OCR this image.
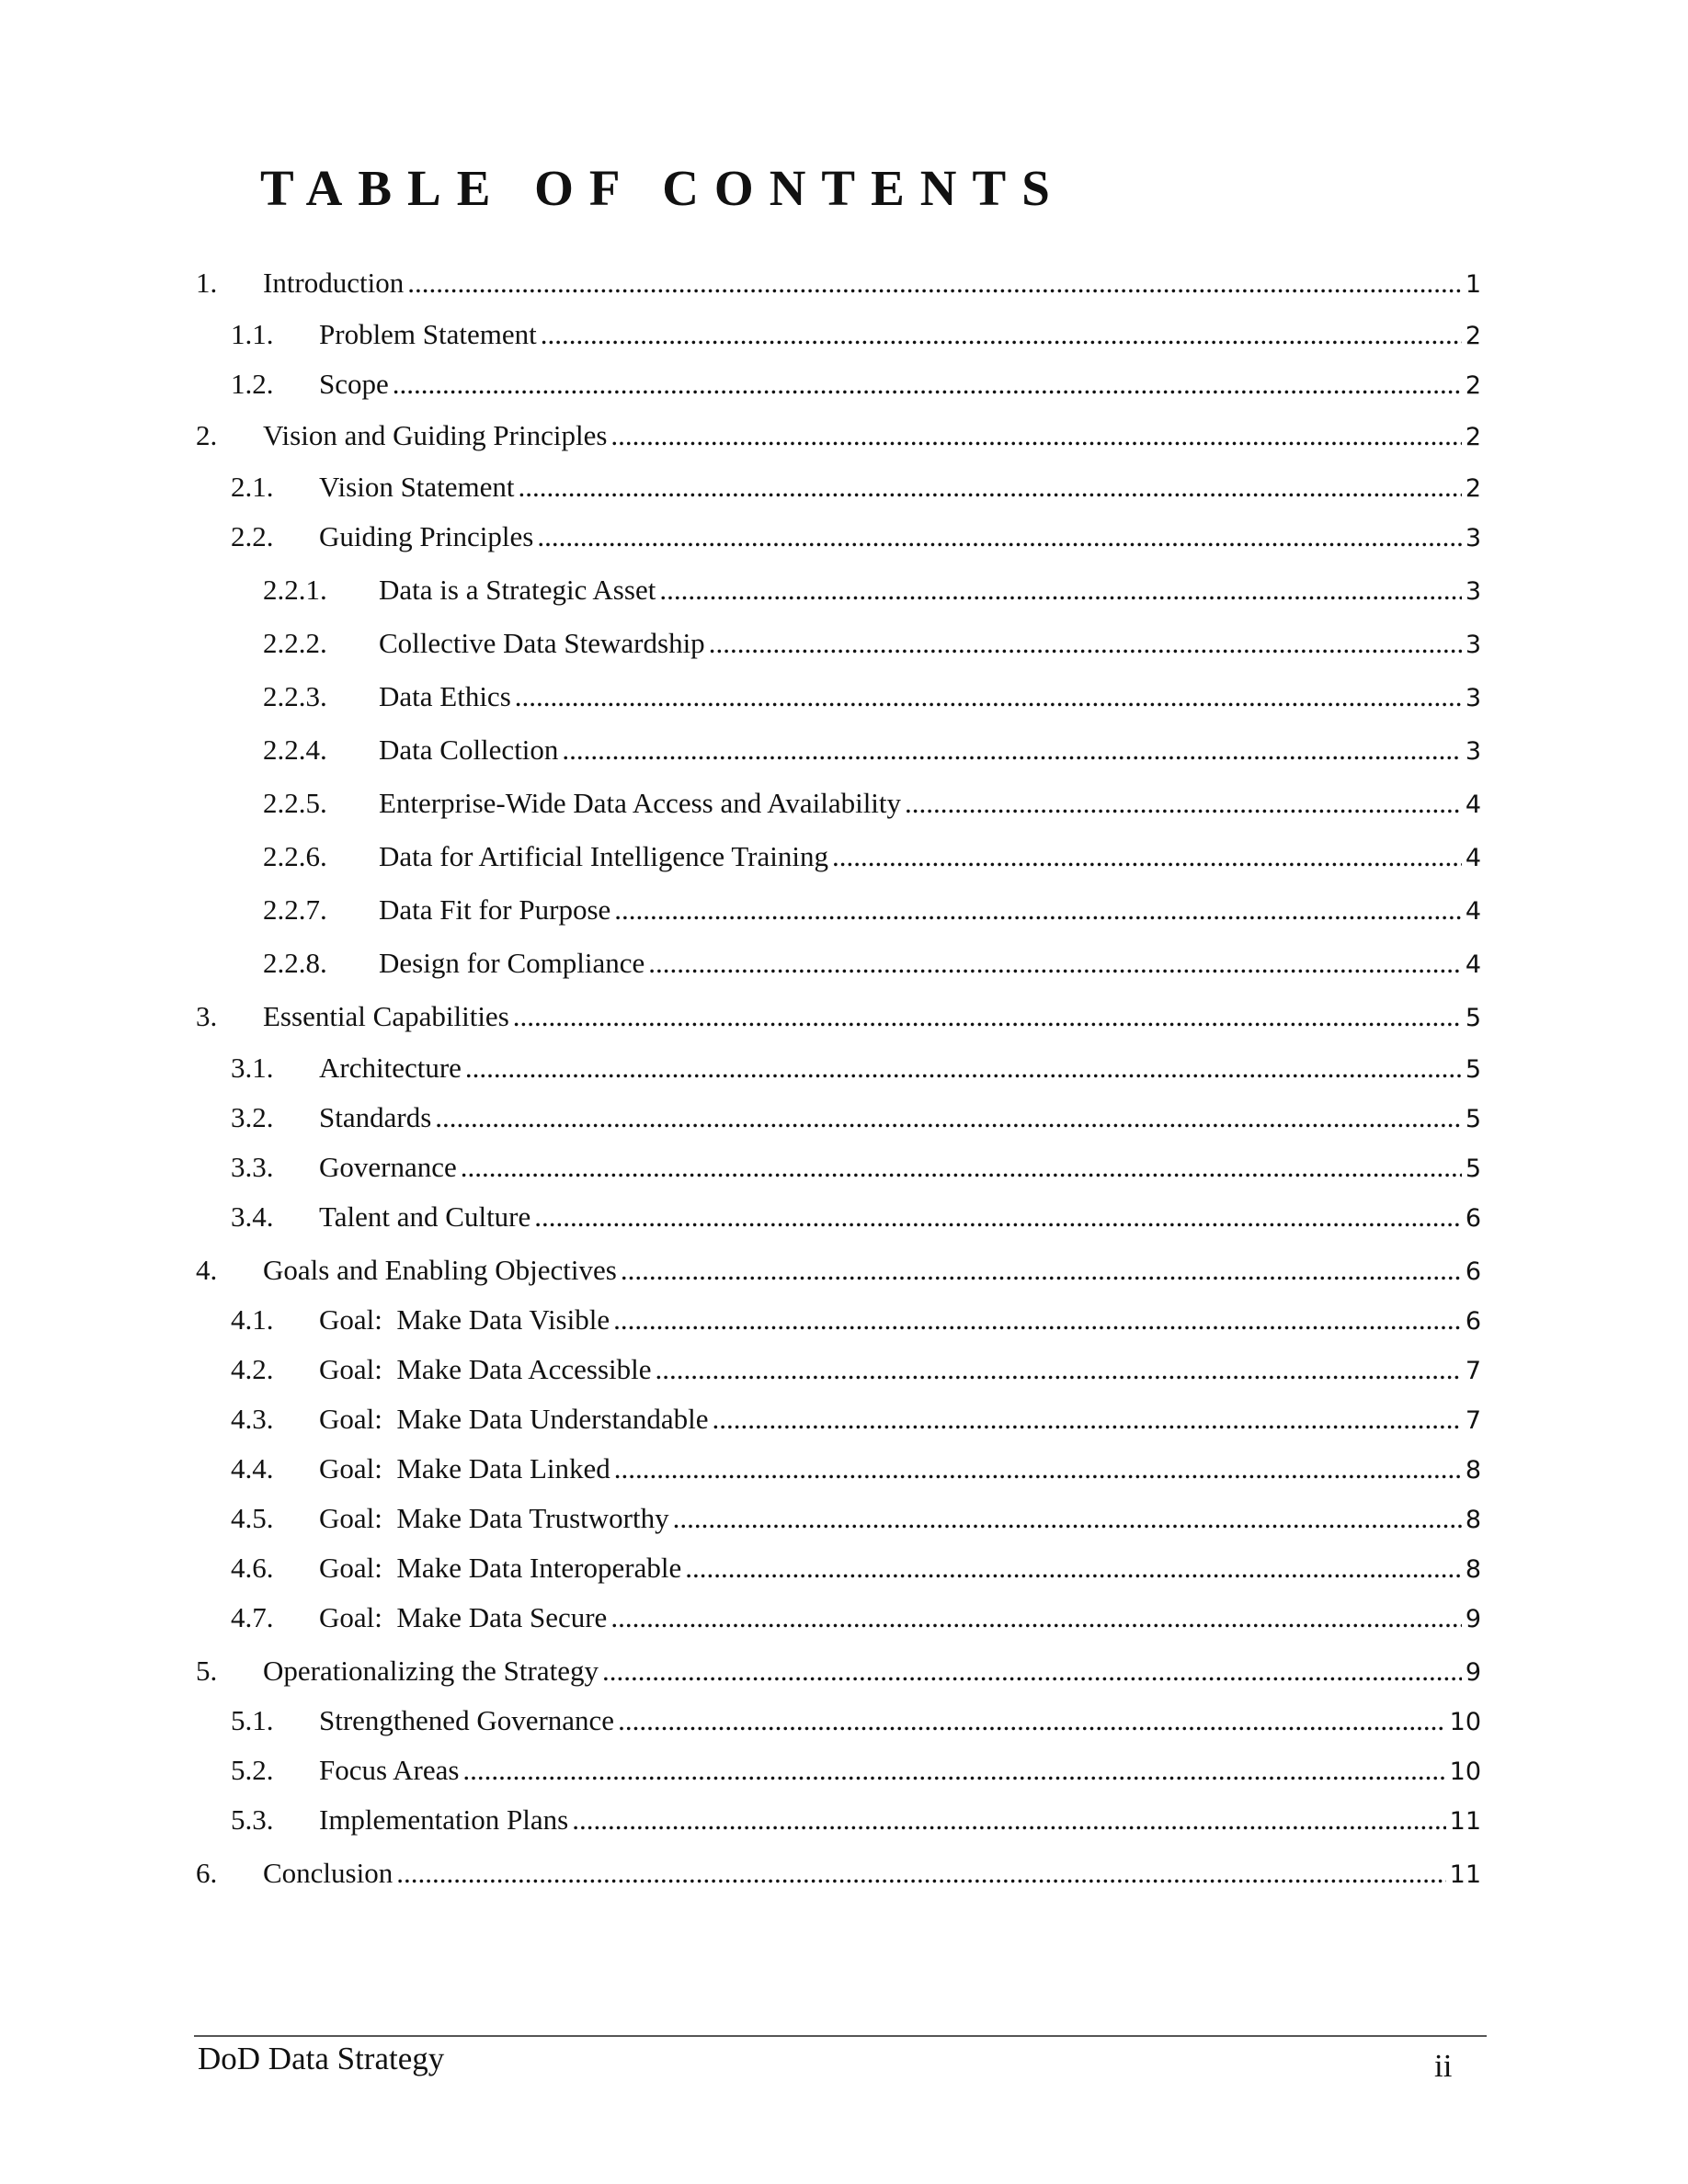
TABLE OF CONTENTS
1.	Introduction .....	1
1.1.	Problem Statement .....	2
1.2.	Scope .....	2
2.	Vision and Guiding Principles .....	2
2.1.	Vision Statement .....	2
2.2.	Guiding Principles .....	3
2.2.1.	Data is a Strategic Asset .....	3
2.2.2.	Collective Data Stewardship .....	3
2.2.3.	Data Ethics .....	3
2.2.4.	Data Collection .....	3
2.2.5.	Enterprise-Wide Data Access and Availability .....	4
2.2.6.	Data for Artificial Intelligence Training .....	4
2.2.7.	Data Fit for Purpose .....	4
2.2.8.	Design for Compliance .....	4
3.	Essential Capabilities .....	5
3.1.	Architecture .....	5
3.2.	Standards .....	5
3.3.	Governance .....	5
3.4.	Talent and Culture .....	6
4.	Goals and Enabling Objectives .....	6
4.1.	Goal:  Make Data Visible .....	6
4.2.	Goal:  Make Data Accessible .....	7
4.3.	Goal:  Make Data Understandable .....	7
4.4.	Goal:  Make Data Linked .....	8
4.5.	Goal:  Make Data Trustworthy .....	8
4.6.	Goal:  Make Data Interoperable .....	8
4.7.	Goal:  Make Data Secure .....	9
5.	Operationalizing the Strategy .....	9
5.1.	Strengthened Governance .....	10
5.2.	Focus Areas .....	10
5.3.	Implementation Plans .....	11
6.	Conclusion .....	11
DoD Data Strategy	ii
